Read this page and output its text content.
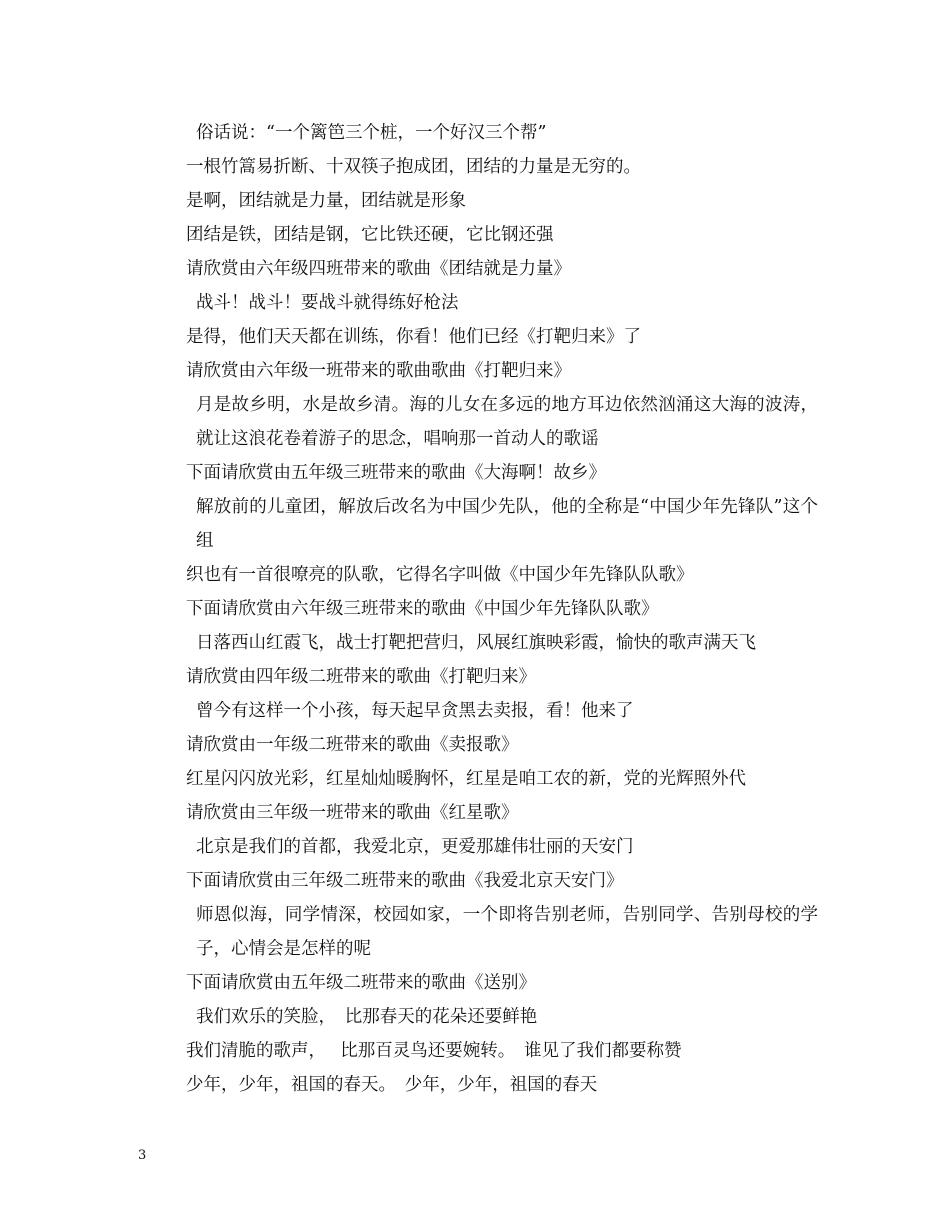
俗话说：“一个篱笆三个桩，一个好汉三个帮”
一根竹篙易折断、十双筷子抱成团，团结的力量是无穷的。
是啊，团结就是力量，团结就是形象
团结是铁，团结是钢，它比铁还硬，它比钢还强
请欣赏由六年级四班带来的歌曲《团结就是力量》
战斗！战斗！要战斗就得练好枪法
是得，他们天天都在训练，你看！他们已经《打靶归来》了
请欣赏由六年级一班带来的歌曲歌曲《打靶归来》
月是故乡明，水是故乡清。海的儿女在多远的地方耳边依然汹涌这大海的波涛，就让这浪花卷着游子的思念，唱响那一首动人的歌谣
下面请欣赏由五年级三班带来的歌曲《大海啊！故乡》
解放前的儿童团，解放后改名为中国少先队，他的全称是“中国少年先锋队”这个组
织也有一首很嘹亮的队歌，它得名字叫做《中国少年先锋队队歌》
下面请欣赏由六年级三班带来的歌曲《中国少年先锋队队歌》
日落西山红霞飞，战士打靶把营归，风展红旗映彩霞，愉快的歌声满天飞
请欣赏由四年级二班带来的歌曲《打靶归来》
曾今有这样一个小孩，每天起早贪黑去卖报，看！他来了
请欣赏由一年级二班带来的歌曲《卖报歌》
红星闪闪放光彩，红星灿灿暖胸怀，红星是咱工农的新，党的光辉照外代
请欣赏由三年级一班带来的歌曲《红星歌》
北京是我们的首都，我爱北京，更爱那雄伟壮丽的天安门
下面请欣赏由三年级二班带来的歌曲《我爱北京天安门》
师恩似海，同学情深，校园如家，一个即将告别老师，告别同学、告别母校的学子，心情会是怎样的呢
下面请欣赏由五年级二班带来的歌曲《送别》
我们欢乐的笑脸，　比那春天的花朵还要鲜艳
我们清脆的歌声，　 比那百灵鸟还要婉转。　谁见了我们都要称赞
少年，少年，祖国的春天。　少年，少年，祖国的春天
3
